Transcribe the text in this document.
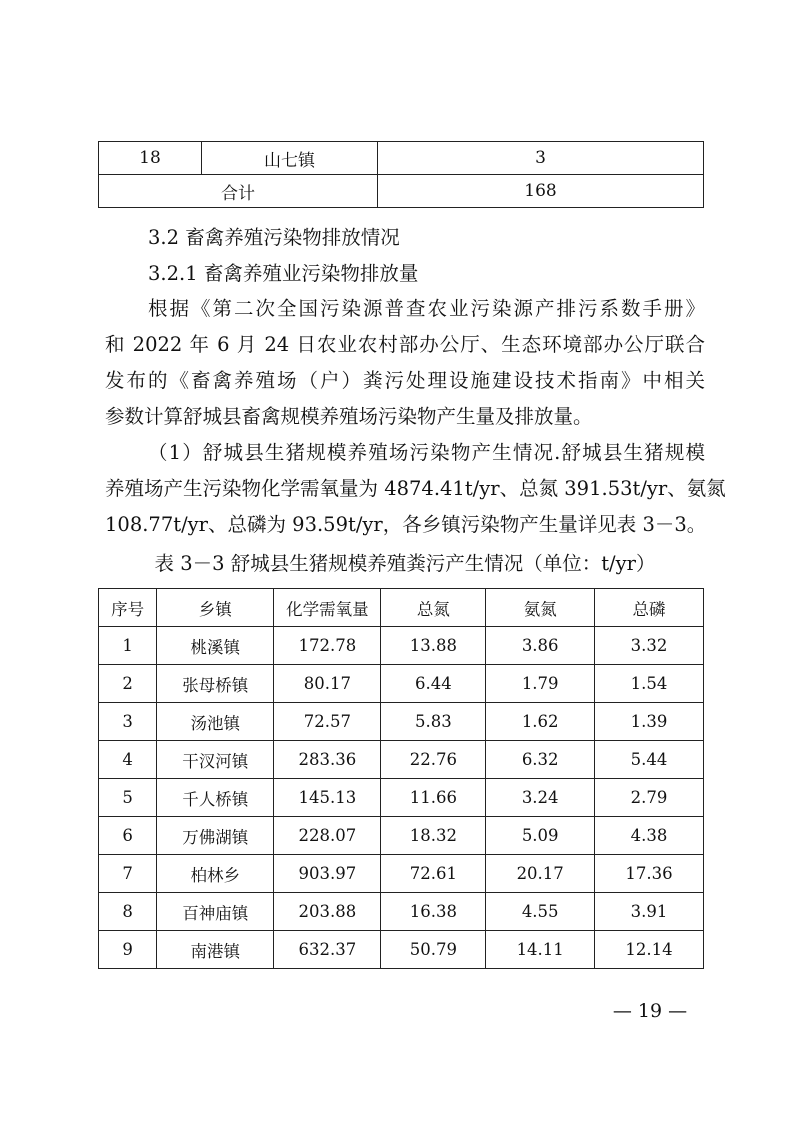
18	山七镇	3
合计		168
3.2 畜禽养殖污染物排放情况
3.2.1 畜禽养殖业污染物排放量
根据《第二次全国污染源普查农业污染源产排污系数手册》
和 2022 年 6 月 24 日农业农村部办公厅、生态环境部办公厅联合
发布的《畜禽养殖场（户）粪污处理设施建设技术指南》中相关
参数计算舒城县畜禽规模养殖场污染物产生量及排放量。
（1）舒城县生猪规模养殖场污染物产生情况.舒城县生猪规模
养殖场产生污染物化学需氧量为 4874.41t/yr、总氮 391.53t/yr、氨氮
108.77t/yr、总磷为 93.59t/yr，各乡镇污染物产生量详见表 3－3。
表 3－3 舒城县生猪规模养殖粪污产生情况（单位：t/yr）
序号	乡镇	化学需氧量	总氮	氨氮	总磷
1	桃溪镇	172.78	13.88	3.86	3.32
2	张母桥镇	80.17	6.44	1.79	1.54
3	汤池镇	72.57	5.83	1.62	1.39
4	干汊河镇	283.36	22.76	6.32	5.44
5	千人桥镇	145.13	11.66	3.24	2.79
6	万佛湖镇	228.07	18.32	5.09	4.38
7	柏林乡	903.97	72.61	20.17	17.36
8	百神庙镇	203.88	16.38	4.55	3.91
9	南港镇	632.37	50.79	14.11	12.14
— 19 —
